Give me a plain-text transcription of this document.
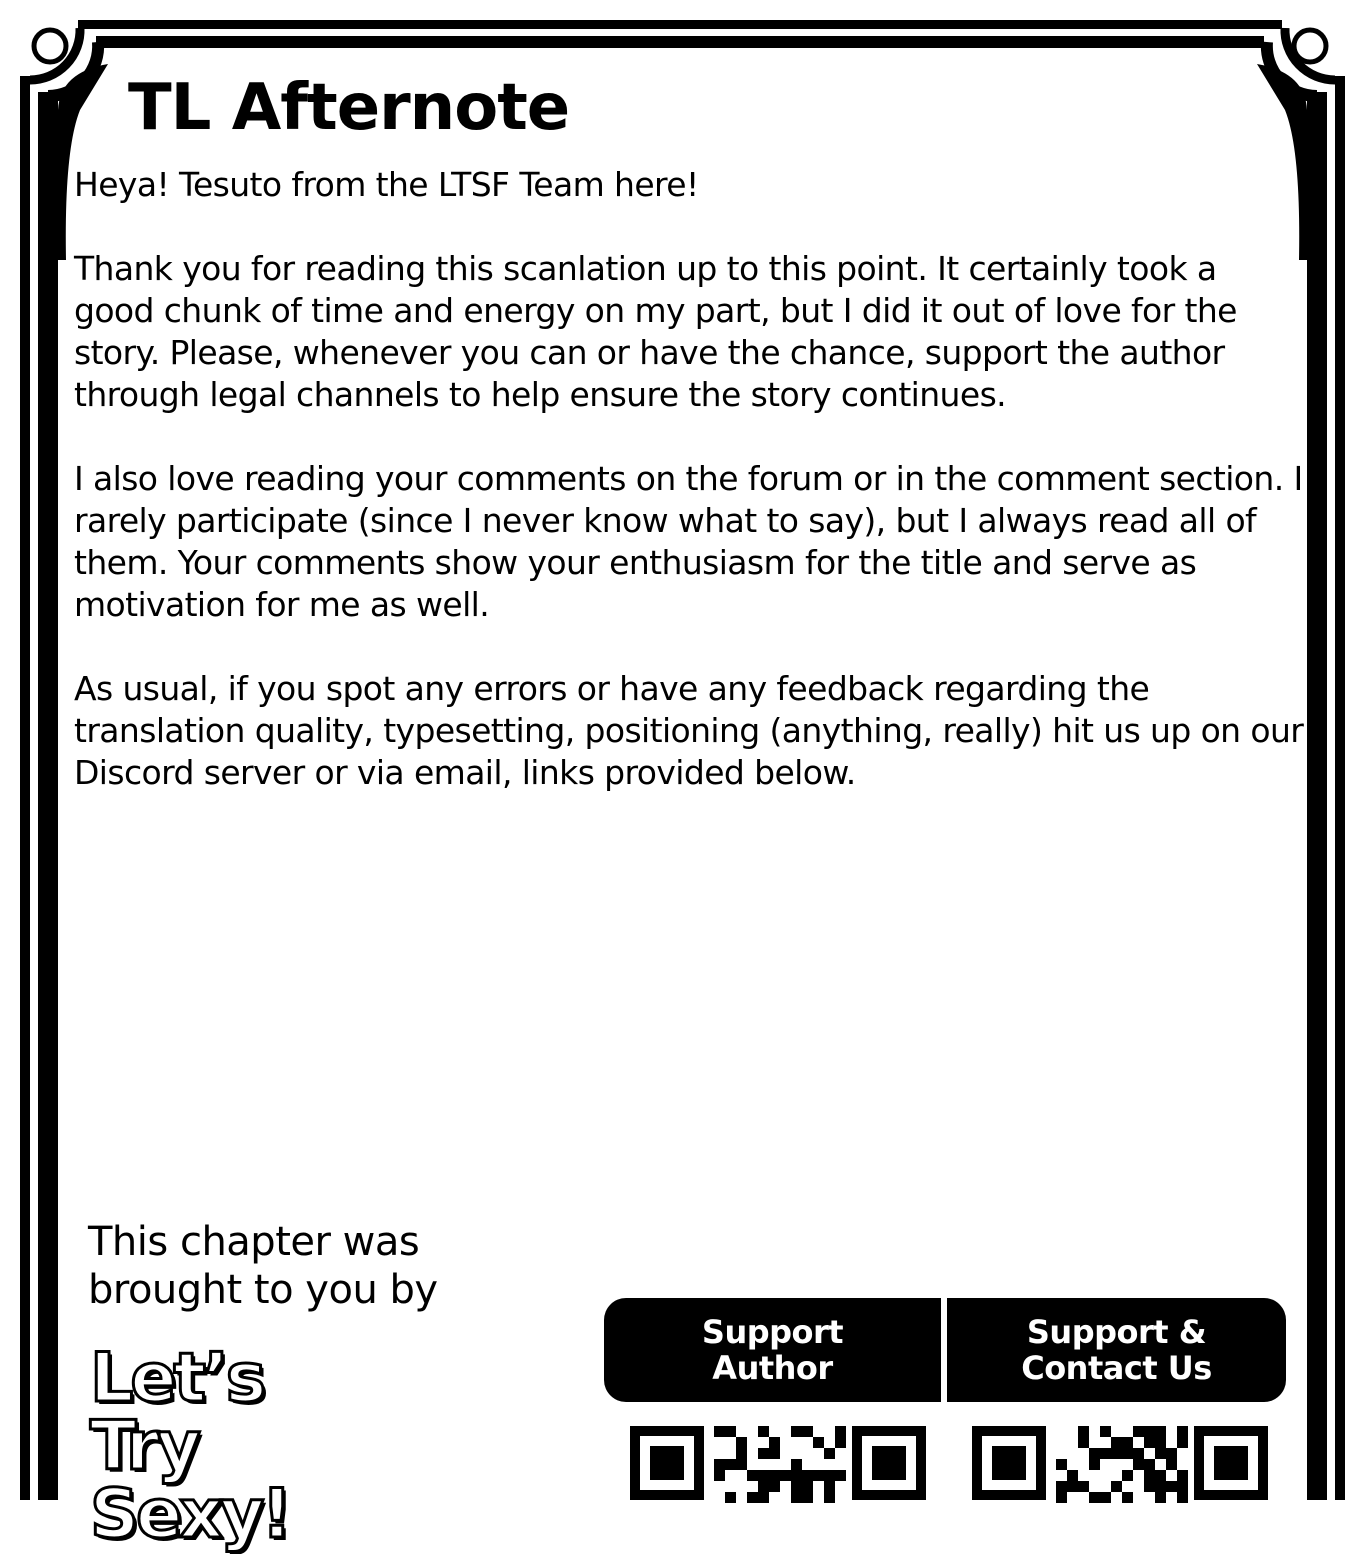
TL Afternote

Heya! Tesuto from the LTSF Team here!

Thank you for reading this scanlation up to this point. It certainly took a good chunk of time and energy on my part, but I did it out of love for the story. Please, whenever you can or have the chance, support the author through legal channels to help ensure the story continues.

I also love reading your comments on the forum or in the comment section. I rarely participate (since I never know what to say), but I always read all of them. Your comments show your enthusiasm for the title and serve as motivation for me as well.

As usual, if you spot any errors or have any feedback regarding the translation quality, typesetting, positioning (anything, really) hit us up on our Discord server or via email, links provided below.

This chapter was
brought to you by
Let’s
Try
Sexy!
Support
Author
Support &
Contact Us
